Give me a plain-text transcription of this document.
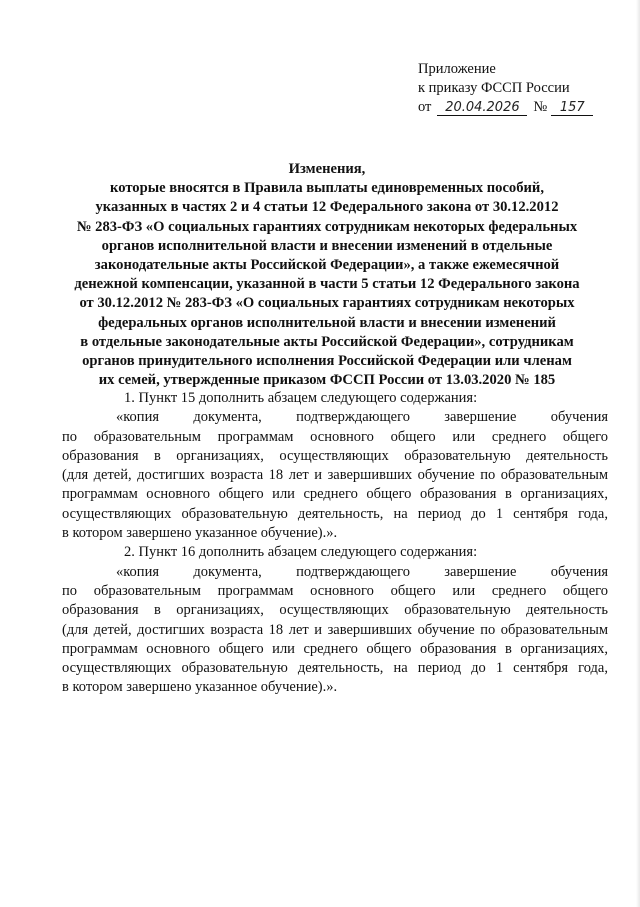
Приложение
к приказу ФССП России
от	20.04.2026 № 157
Изменения,
которые вносятся в Правила выплаты единовременных пособий,
указанных в частях 2 и 4 статьи 12 Федерального закона от 30.12.2012
№ 283-ФЗ «О социальных гарантиях сотрудникам некоторых федеральных
органов исполнительной власти и внесении изменений в отдельные
законодательные акты Российской Федерации», а также ежемесячной
денежной компенсации, указанной в части 5 статьи 12 Федерального закона
от 30.12.2012 № 283-ФЗ «О социальных гарантиях сотрудникам некоторых
федеральных органов исполнительной власти и внесении изменений
в отдельные законодательные акты Российской Федерации», сотрудникам
органов принудительного исполнения Российской Федерации или членам
их семей, утвержденные приказом ФССП России от 13.03.2020 № 185
1. Пункт 15 дополнить абзацем следующего содержания:
«копия документа, подтверждающего завершение обучения
по образовательным программам основного общего или среднего общего
образования в организациях, осуществляющих образовательную деятельность
(для детей, достигших возраста 18 лет и завершивших обучение по образовательным
программам основного общего или среднего общего образования в организациях,
осуществляющих образовательную деятельность, на период до 1 сентября года,
в котором завершено указанное обучение).».
2. Пункт 16 дополнить абзацем следующего содержания:
«копия документа, подтверждающего завершение обучения
по образовательным программам основного общего или среднего общего
образования в организациях, осуществляющих образовательную деятельность
(для детей, достигших возраста 18 лет и завершивших обучение по образовательным
программам основного общего или среднего общего образования в организациях,
осуществляющих образовательную деятельность, на период до 1 сентября года,
в котором завершено указанное обучение).».
